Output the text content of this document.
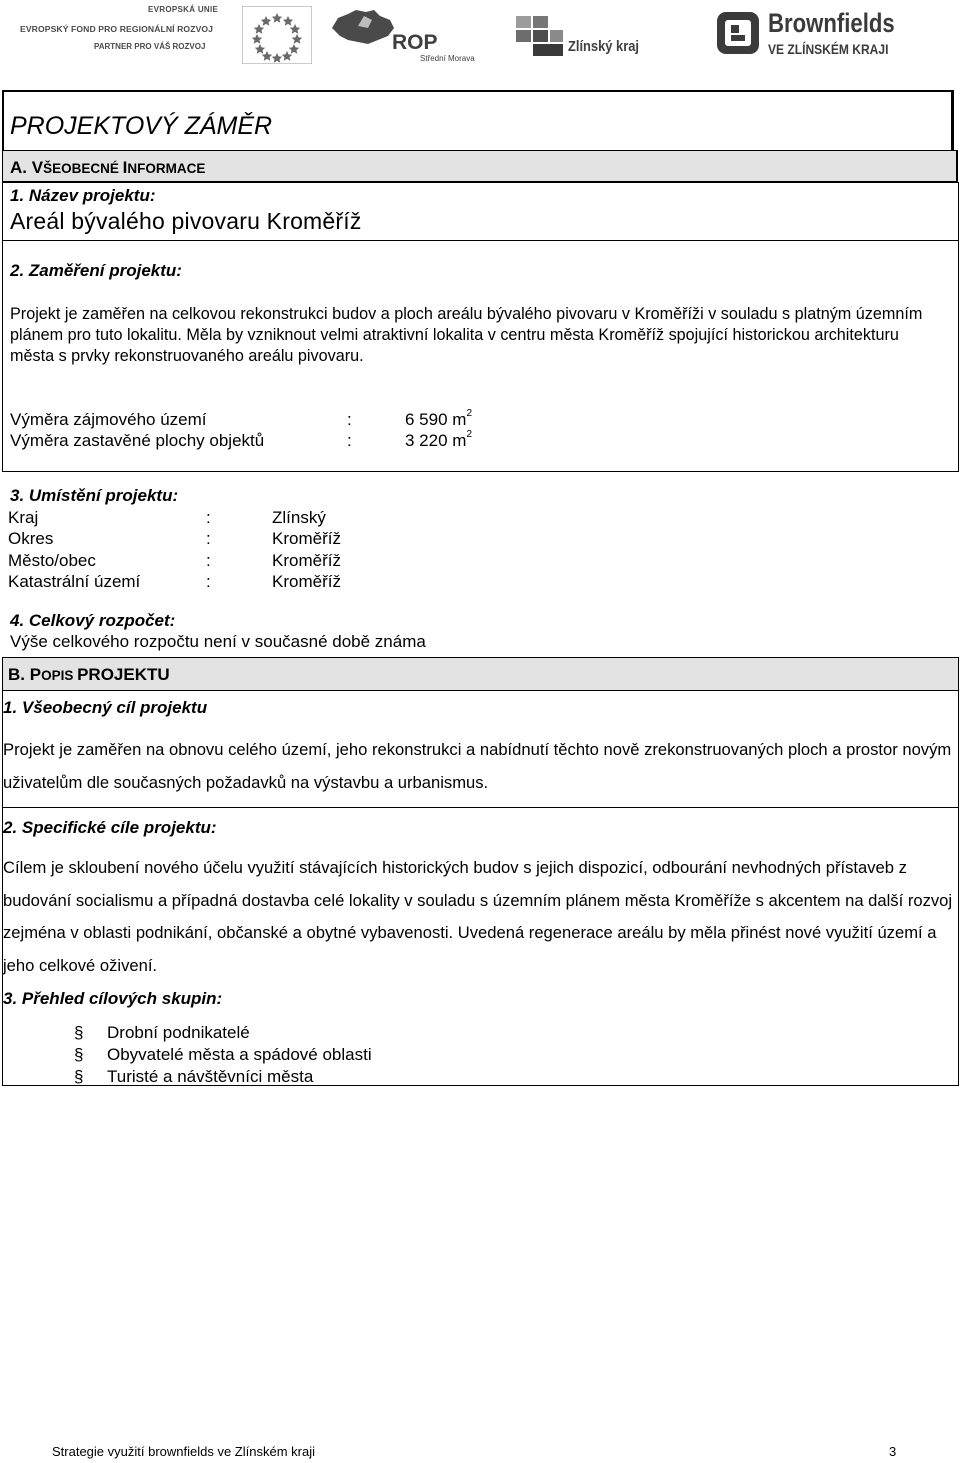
EVROPSKÁ UNIE
EVROPSKÝ FOND PRO REGIONÁLNÍ ROZVOJ
PARTNER PRO VÁŠ ROZVOJ	ROP
Střední Morava
Zlínský kraj
Brownfields
VE ZLÍNSKÉM KRAJI
PROJEKTOVÝ ZÁMĚR
A. VŠEOBECNÉ INFORMACE
1. Název projektu:
Areál bývalého pivovaru Kroměříž
2. Zaměření projektu:
Projekt je zaměřen na celkovou rekonstrukci budov a ploch areálu bývalého pivovaru v Kroměříži v souladu s platným územním plánem pro tuto lokalitu. Měla by vzniknout velmi atraktivní lokalita v centru města Kroměříž spojující historickou architekturu města s prvky rekonstruovaného areálu pivovaru.
Výměra zájmového území	:	6 590 $m^2$
Výměra zastavěné plochy objektů	:	3 220 $m^2$
3. Umístění projektu:
Kraj	:	Zlínský
Okres	:	Kroměříž
Město/obec	:	Kroměříž
Katastrální území	:	Kroměříž
4. Celkový rozpočet:
Výše celkového rozpočtu není v současné době známa
B. POPIS PROJEKTU
1. Všeobecný cíl projektu
Projekt je zaměřen na obnovu celého území, jeho rekonstrukci a nabídnutí těchto nově zrekonstruovaných ploch a prostor novým uživatelům dle současných požadavků na výstavbu a urbanismus.
2. Specifické cíle projektu:
Cílem je skloubení nového účelu využití stávajících historických budov s jejich dispozicí, odbourání nevhodných přístaveb z budování socialismu a případná dostavba celé lokality v souladu s územním plánem města Kroměříže s akcentem na další rozvoj zejména v oblasti podnikání, občanské a obytné vybavenosti. Uvedená regenerace areálu by měla přinést nové využití území a jeho celkové oživení.
3. Přehled cílových skupin:
§ Drobní podnikatelé
§ Obyvatelé města a spádové oblasti
§ Turisté a návštěvníci města
Strategie využití brownfields ve Zlínském kraji	3
